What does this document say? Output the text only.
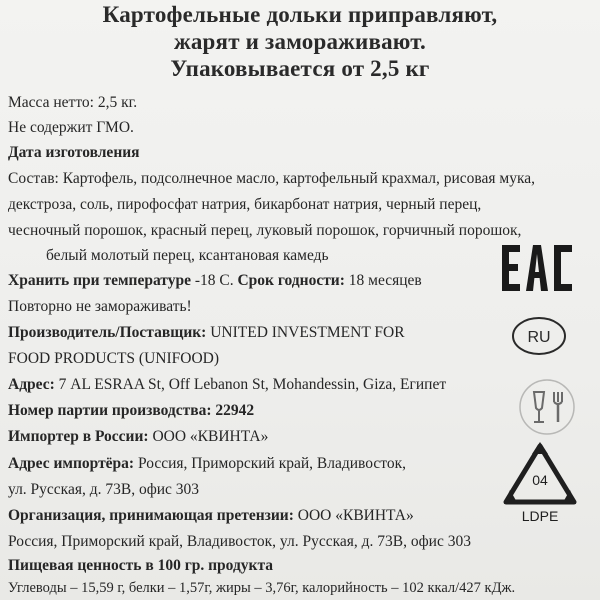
Картофельные дольки приправляют,
жарят и замораживают.
Упаковывается от 2,5 кг
Масса нетто: 2,5 кг.
Не содержит ГМО.
Дата изготовления
Состав: Картофель, подсолнечное масло, картофельный крахмал, рисовая мука,
декстроза, соль, пирофосфат натрия, бикарбонат натрия, черный перец,
чесночный порошок, красный перец, луковый порошок, горчичный порошок,
белый молотый перец, ксантановая камедь
Хранить при температуре -18 С. Срок годности: 18 месяцев
Повторно не замораживать!
Производитель/Поставщик: UNITED INVESTMENT FOR
FOOD PRODUCTS (UNIFOOD)
Адрес: 7 AL ESRAA St, Off Lebanon St, Mohandessin, Giza, Египет
Номер партии производства: 22942
Импортер в России: ООО «КВИНТА»
Адрес импортёра: Россия, Приморский край, Владивосток,
ул. Русская, д. 73В, офис 303
Организация, принимающая претензии: ООО «КВИНТА»
Россия, Приморский край, Владивосток, ул. Русская, д. 73В, офис 303
Пищевая ценность в 100 гр. продукта
Углеводы – 15,59 г, белки – 1,57г, жиры – 3,76г, калорийность – 102 ккал/427 кДж.
RU
04
LDPE
